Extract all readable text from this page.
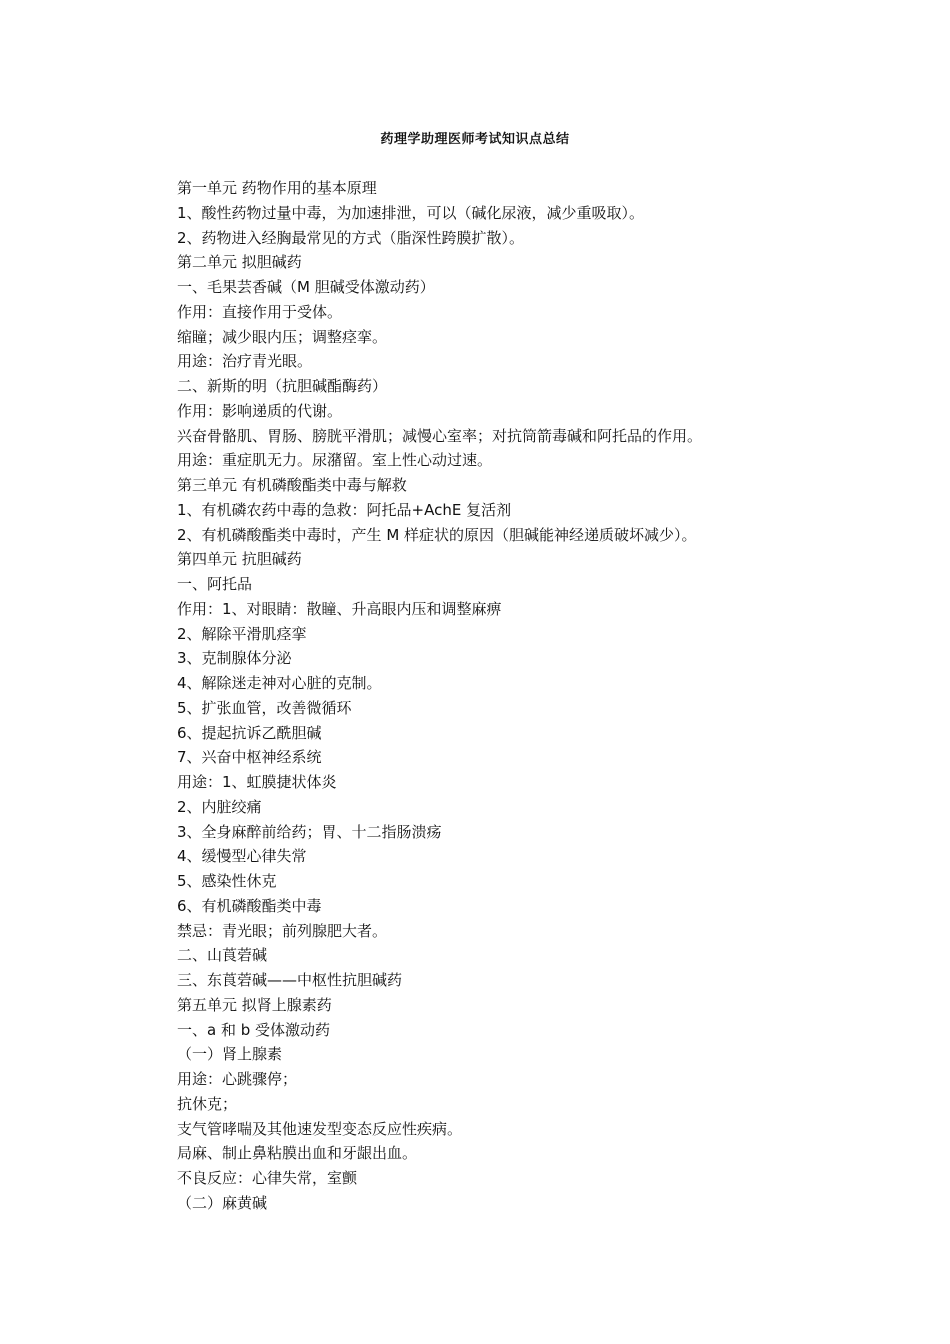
药理学助理医师考试知识点总结
第一单元 药物作用的基本原理
1、酸性药物过量中毒，为加速排泄，可以（碱化尿液，减少重吸取）。
2、药物进入经胸最常见的方式（脂深性跨膜扩散）。
第二单元 拟胆碱药
一、毛果芸香碱（M 胆碱受体激动药）
作用：直接作用于受体。
缩瞳；减少眼内压；调整痉挛。
用途：治疗青光眼。
二、新斯的明（抗胆碱酯酶药）
作用：影响递质的代谢。
兴奋骨骼肌、胃肠、膀胱平滑肌；减慢心室率；对抗筒箭毒碱和阿托品的作用。
用途：重症肌无力。尿潴留。室上性心动过速。
第三单元 有机磷酸酯类中毒与解救
1、有机磷农药中毒的急救：阿托品+AchE 复活剂
2、有机磷酸酯类中毒时，产生 M 样症状的原因（胆碱能神经递质破坏减少）。
第四单元 抗胆碱药
一、阿托品
作用：1、对眼睛：散瞳、升高眼内压和调整麻痹
2、解除平滑肌痉挛
3、克制腺体分泌
4、解除迷走神对心脏的克制。
5、扩张血管，改善微循环
6、提起抗诉乙酰胆碱
7、兴奋中枢神经系统
用途：1、虹膜捷状体炎
2、内脏绞痛
3、全身麻醉前给药；胃、十二指肠溃疡
4、缓慢型心律失常
5、感染性休克
6、有机磷酸酯类中毒
禁忌：青光眼；前列腺肥大者。
二、山莨菪碱
三、东莨菪碱——中枢性抗胆碱药
第五单元 拟肾上腺素药
一、a 和 b 受体激动药
（一）肾上腺素
用途：心跳骤停；
抗休克；
支气管哮喘及其他速发型变态反应性疾病。
局麻、制止鼻粘膜出血和牙龈出血。
不良反应：心律失常，室颤
（二）麻黄碱
